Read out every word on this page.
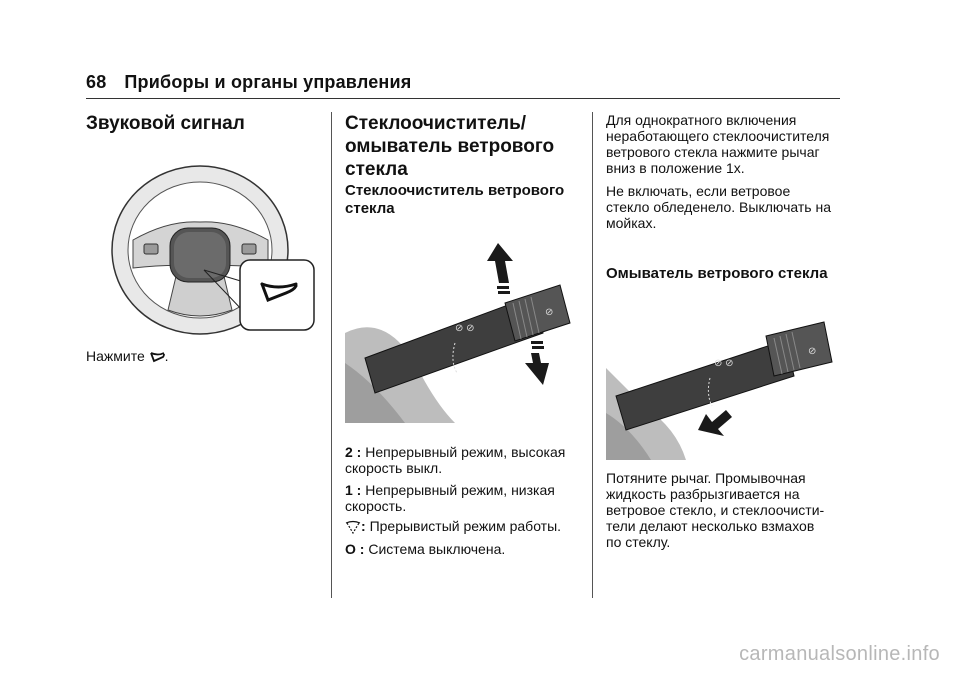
68 Приборы и органы управления
Звуковой сигнал

Нажмите .

Стеклоочиститель/
омыватель ветрового
стекла
Стеклоочиститель ветрового
стекла
⊘ ⊘
⊘

2 : Непрерывный режим, высокая
скорость выкл.

1 : Непрерывный режим, низкая
скорость.

: Прерывистый режим работы.

O : Система выключена.

Для однократного включения
неработающего стеклоочистителя
ветрового стекла нажмите рычаг
вниз в положение 1x.

Не включать, если ветровое
стекло обледенело. Выключать на
мойках.

Омыватель ветрового стекла
⊘ ⊘
⊘

Потяните рычаг. Промывочная
жидкость разбрызгивается на
ветровое стекло, и стеклоочисти-
тели делают несколько взмахов
по стеклу.

carmanualsonline.info
